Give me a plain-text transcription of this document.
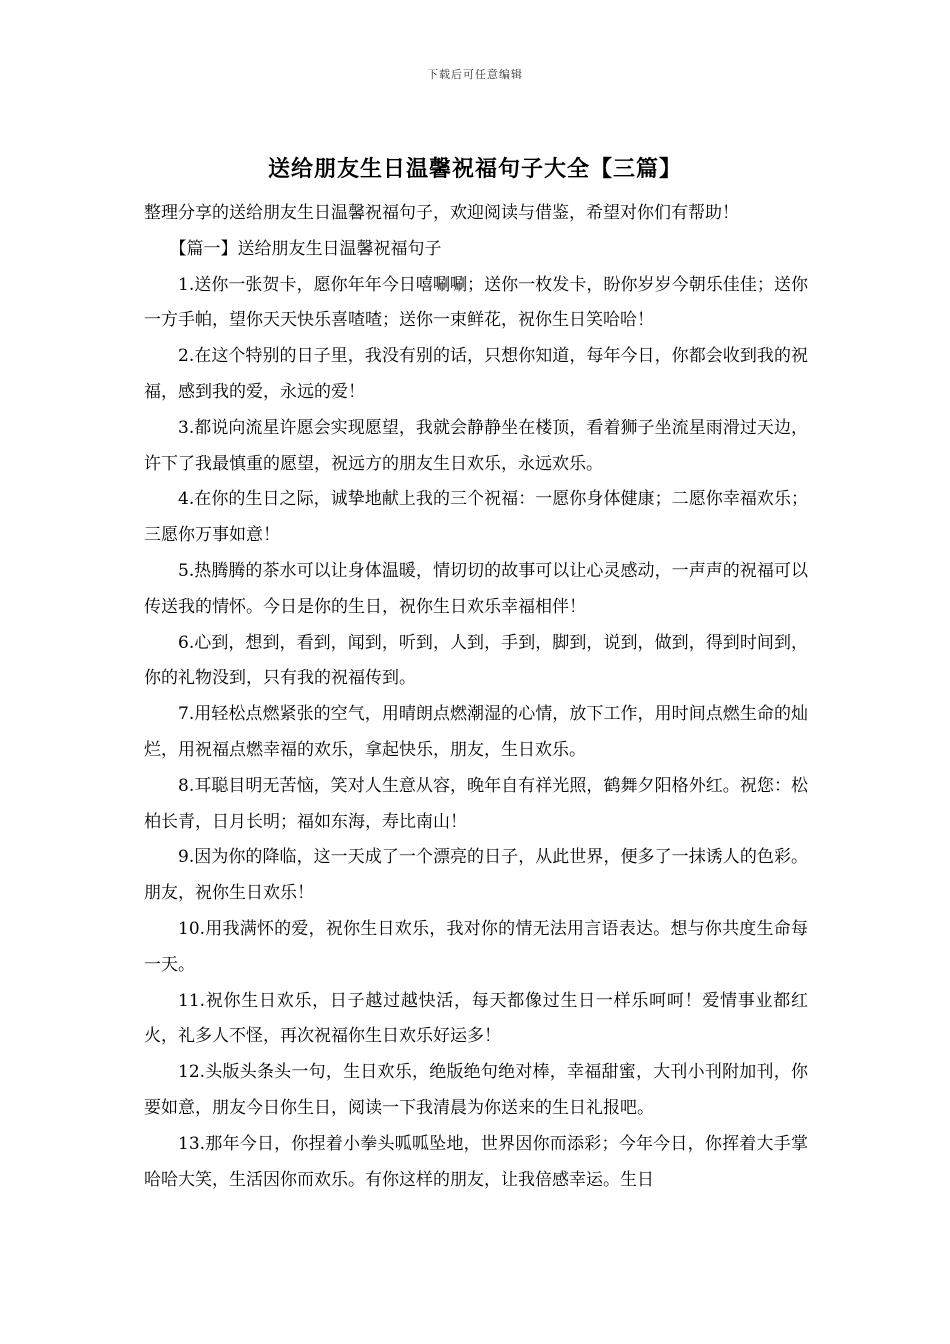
下载后可任意编辑
送给朋友生日温馨祝福句子大全【三篇】

整理分享的送给朋友生日温馨祝福句子，欢迎阅读与借鉴，希望对你们有帮助！

【篇一】送给朋友生日温馨祝福句子

1.送你一张贺卡，愿你年年今日嘻唰唰；送你一枚发卡，盼你岁岁今朝乐佳佳；送你一方手帕，望你天天快乐喜喳喳；送你一束鲜花，祝你生日笑哈哈！

2.在这个特别的日子里，我没有别的话，只想你知道，每年今日，你都会收到我的祝福，感到我的爱，永远的爱！

3.都说向流星许愿会实现愿望，我就会静静坐在楼顶，看着狮子坐流星雨滑过天边，许下了我最慎重的愿望，祝远方的朋友生日欢乐，永远欢乐。

4.在你的生日之际，诚挚地献上我的三个祝福：一愿你身体健康；二愿你幸福欢乐；三愿你万事如意！

5.热腾腾的茶水可以让身体温暖，情切切的故事可以让心灵感动，一声声的祝福可以传送我的情怀。今日是你的生日，祝你生日欢乐幸福相伴！

6.心到，想到，看到，闻到，听到，人到，手到，脚到，说到，做到，得到时间到，你的礼物没到，只有我的祝福传到。

7.用轻松点燃紧张的空气，用晴朗点燃潮湿的心情，放下工作，用时间点燃生命的灿烂，用祝福点燃幸福的欢乐，拿起快乐，朋友，生日欢乐。

8.耳聪目明无苦恼，笑对人生意从容，晚年自有祥光照，鹤舞夕阳格外红。祝您：松柏长青，日月长明；福如东海，寿比南山！

9.因为你的降临，这一天成了一个漂亮的日子，从此世界，便多了一抹诱人的色彩。朋友，祝你生日欢乐！

10.用我满怀的爱，祝你生日欢乐，我对你的情无法用言语表达。想与你共度生命每一天。

11.祝你生日欢乐，日子越过越快活，每天都像过生日一样乐呵呵！爱情事业都红火，礼多人不怪，再次祝福你生日欢乐好运多！

12.头版头条头一句，生日欢乐，绝版绝句绝对棒，幸福甜蜜，大刊小刊附加刊，你要如意，朋友今日你生日，阅读一下我清晨为你送来的生日礼报吧。

13.那年今日，你捏着小拳头呱呱坠地，世界因你而添彩；今年今日，你挥着大手掌哈哈大笑，生活因你而欢乐。有你这样的朋友，让我倍感幸运。生日
